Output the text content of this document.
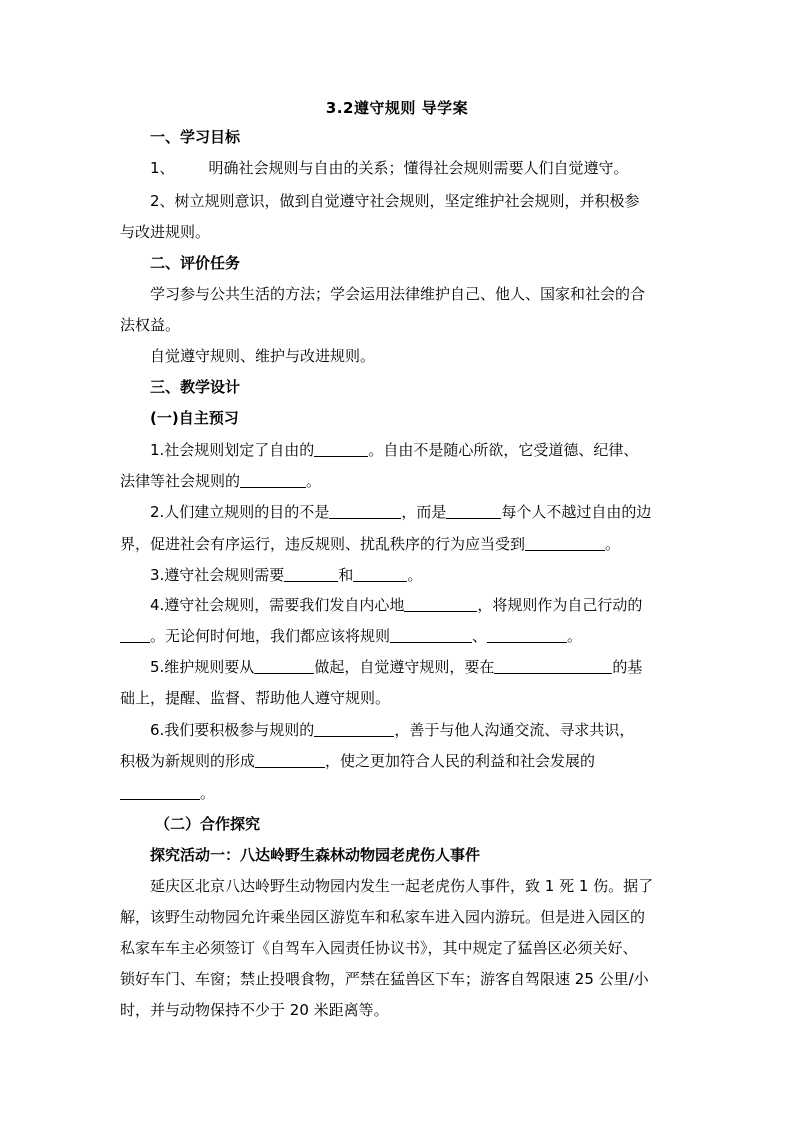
3.2遵守规则 导学案
一、学习目标
1、 明确社会规则与自由的关系；懂得社会规则需要人们自觉遵守。
2、树立规则意识，做到自觉遵守社会规则，坚定维护社会规则，并积极参
与改进规则。
二、评价任务
学习参与公共生活的方法；学会运用法律维护自己、他人、国家和社会的合
法权益。
自觉遵守规则、维护与改进规则。
三、教学设计
(一)自主预习
1.社会规则划定了自由的	。自由不是随心所欲，它受道德、纪律、
法律等社会规则的	。
2.人们建立规则的目的不是	，而是	每个人不越过自由的边
界，促进社会有序运行，违反规则、扰乱秩序的行为应当受到	。
3.遵守社会规则需要	和	。
4.遵守社会规则，需要我们发自内心地	，将规则作为自己行动的
。无论何时何地，我们都应该将规则	、	。
5.维护规则要从	做起，自觉遵守规则，要在	的基
础上，提醒、监督、帮助他人遵守规则。
6.我们要积极参与规则的	，善于与他人沟通交流、寻求共识，
积极为新规则的形成	，使之更加符合人民的利益和社会发展的
。
（二）合作探究
探究活动一：八达岭野生森林动物园老虎伤人事件
延庆区北京八达岭野生动物园内发生一起老虎伤人事件，致 1 死 1 伤。据了
解，该野生动物园允许乘坐园区游览车和私家车进入园内游玩。但是进入园区的
私家车车主必须签订《自驾车入园责任协议书》，其中规定了猛兽区必须关好、
锁好车门、车窗；禁止投喂食物，严禁在猛兽区下车；游客自驾限速 25 公里/小
时，并与动物保持不少于 20 米距离等。
